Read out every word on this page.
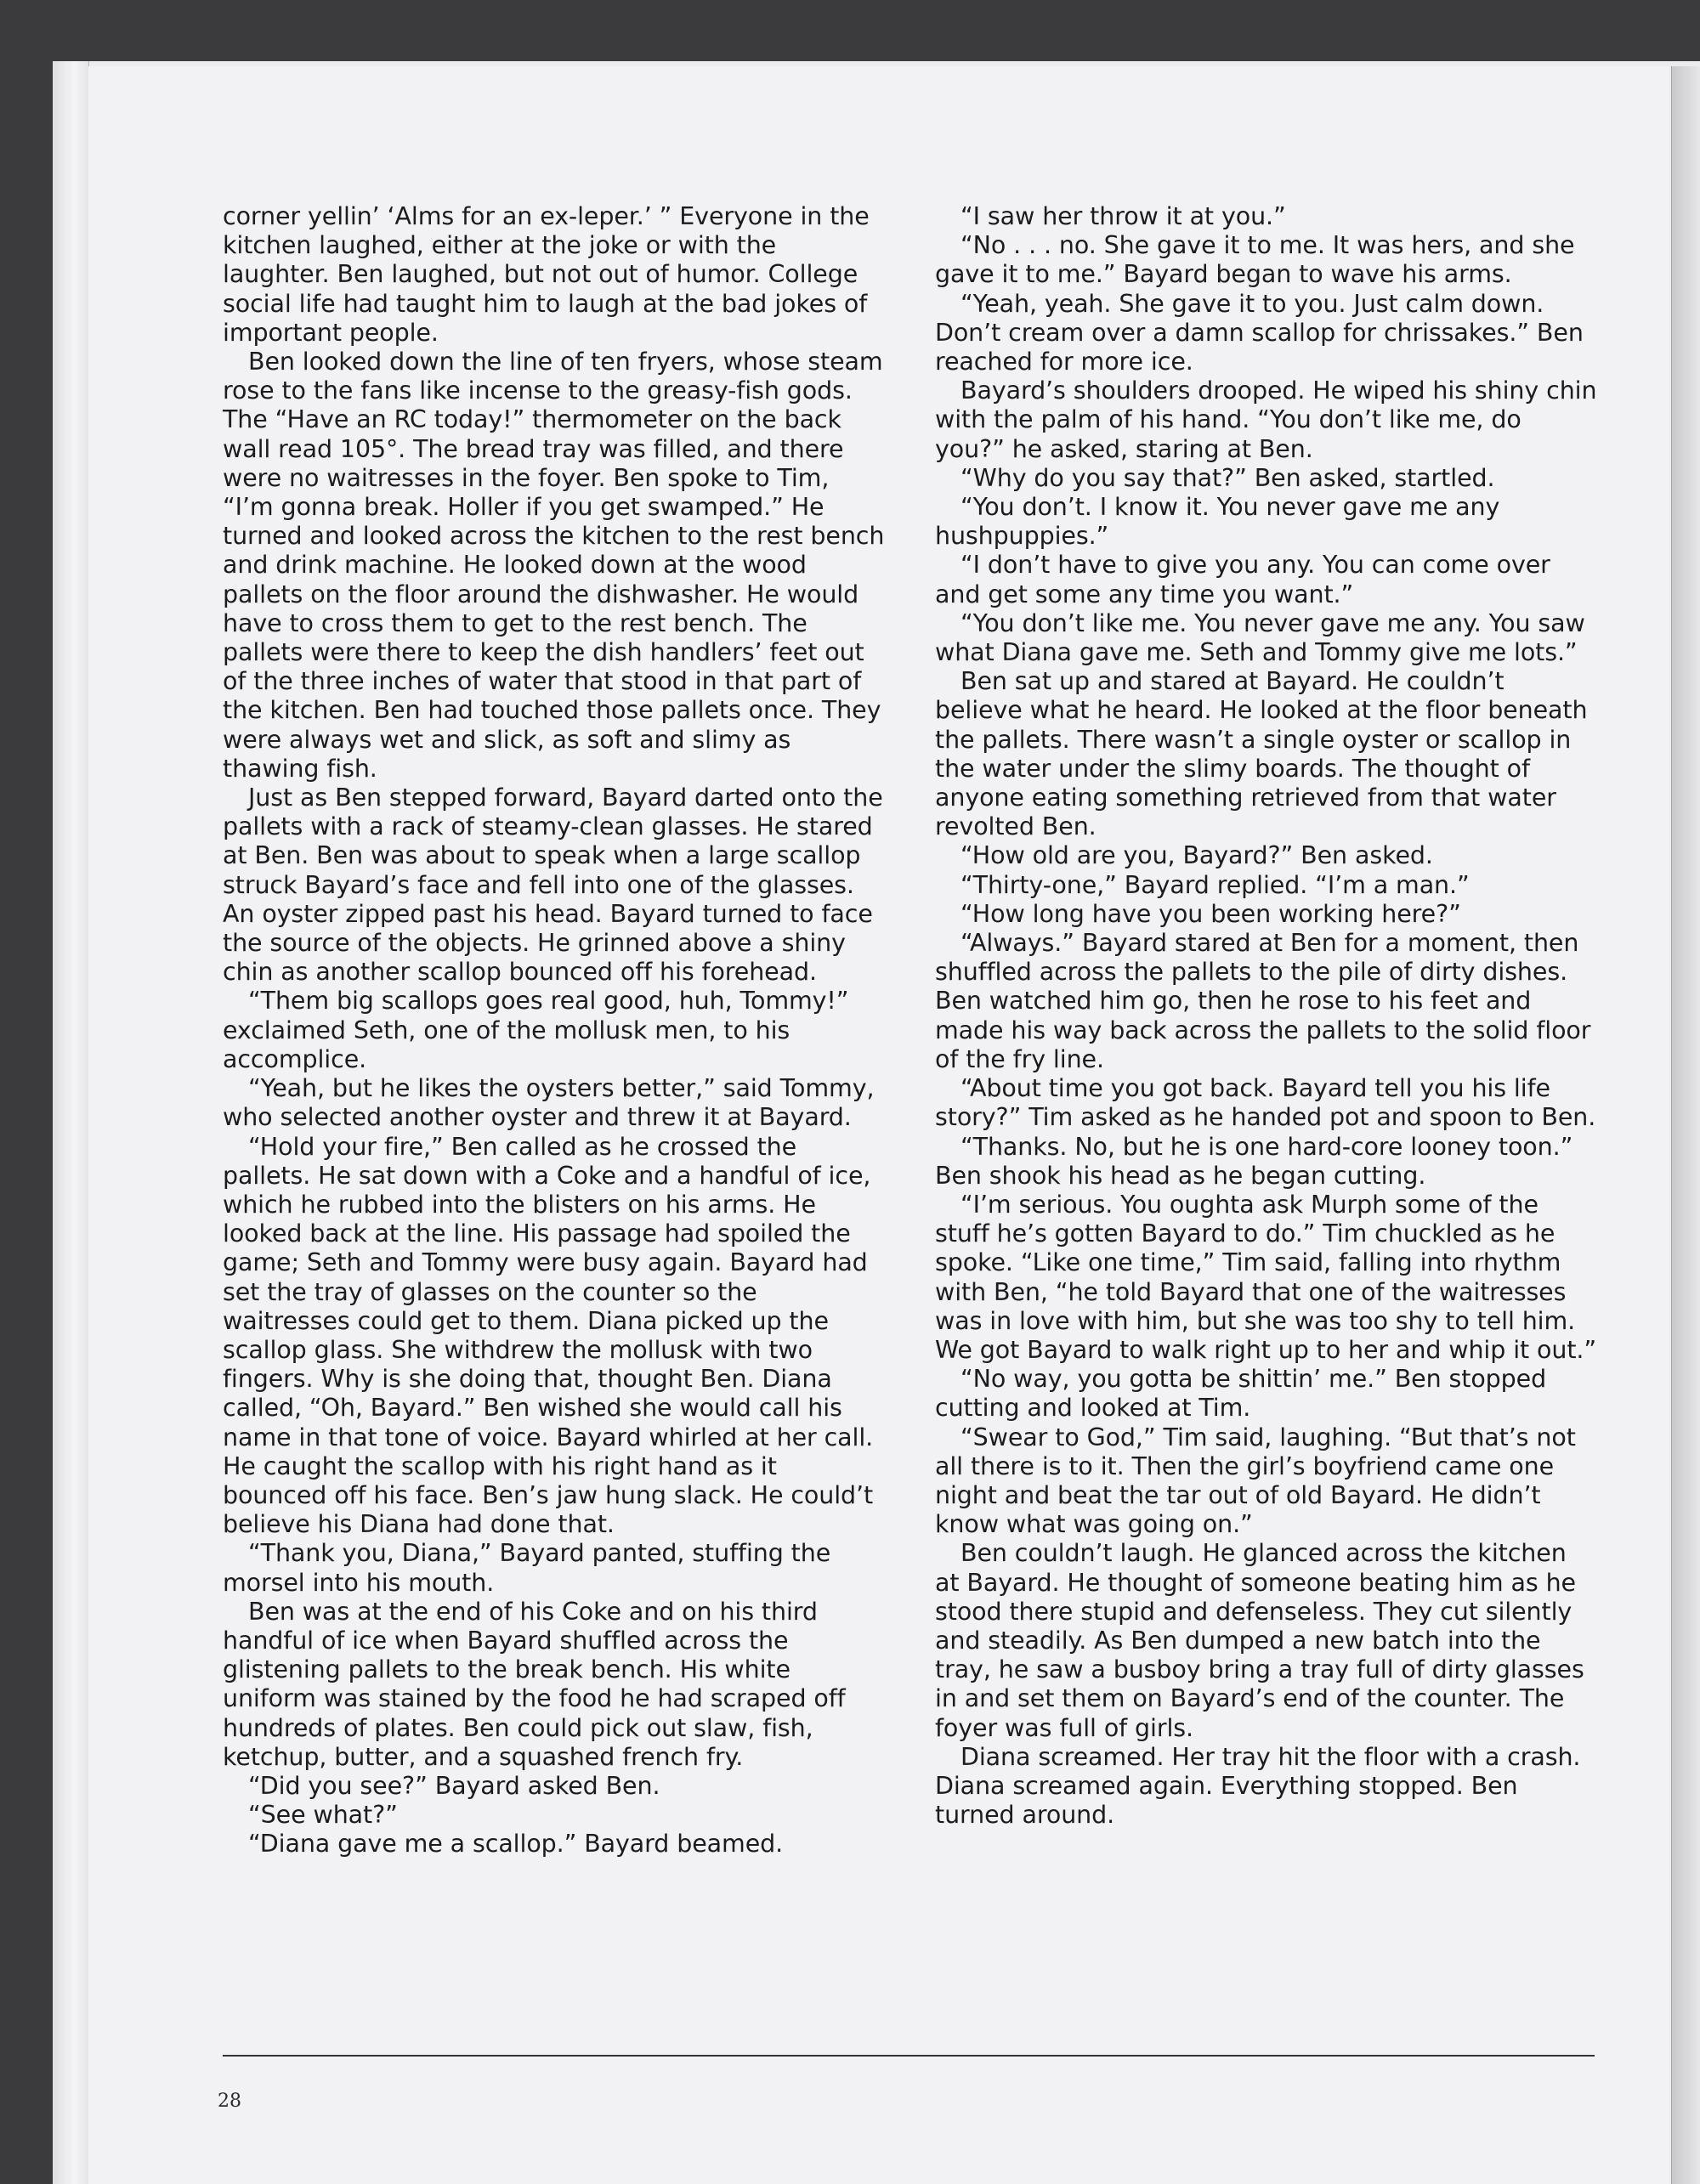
corner yellin’ ‘Alms for an ex-leper.’ ” Everyone in the kitchen laughed, either at the joke or with the laughter. Ben laughed, but not out of humor. College social life had taught him to laugh at the bad jokes of important people.

Ben looked down the line of ten fryers, whose steam rose to the fans like incense to the greasy-fish gods. The “Have an RC today!” thermometer on the back wall read 105°. The bread tray was filled, and there were no waitresses in the foyer. Ben spoke to Tim, “I’m gonna break. Holler if you get swamped.” He turned and looked across the kitchen to the rest bench and drink machine. He looked down at the wood pallets on the floor around the dishwasher. He would have to cross them to get to the rest bench. The pallets were there to keep the dish handlers’ feet out of the three inches of water that stood in that part of the kitchen. Ben had touched those pallets once. They were always wet and slick, as soft and slimy as thawing fish.

Just as Ben stepped forward, Bayard darted onto the pallets with a rack of steamy-clean glasses. He stared at Ben. Ben was about to speak when a large scallop struck Bayard’s face and fell into one of the glasses. An oyster zipped past his head. Bayard turned to face the source of the objects. He grinned above a shiny chin as another scallop bounced off his forehead.

“Them big scallops goes real good, huh, Tommy!” exclaimed Seth, one of the mollusk men, to his accomplice.

“Yeah, but he likes the oysters better,” said Tommy, who selected another oyster and threw it at Bayard.

“Hold your fire,” Ben called as he crossed the pallets. He sat down with a Coke and a handful of ice, which he rubbed into the blisters on his arms. He looked back at the line. His passage had spoiled the game; Seth and Tommy were busy again. Bayard had set the tray of glasses on the counter so the waitresses could get to them. Diana picked up the scallop glass. She withdrew the mollusk with two fingers. Why is she doing that, thought Ben. Diana called, “Oh, Bayard.” Ben wished she would call his name in that tone of voice. Bayard whirled at her call. He caught the scallop with his right hand as it bounced off his face. Ben’s jaw hung slack. He could’t believe his Diana had done that.

“Thank you, Diana,” Bayard panted, stuffing the morsel into his mouth.

Ben was at the end of his Coke and on his third handful of ice when Bayard shuffled across the glistening pallets to the break bench. His white uniform was stained by the food he had scraped off hundreds of plates. Ben could pick out slaw, fish, ketchup, butter, and a squashed french fry.

“Did you see?” Bayard asked Ben.

“See what?”

“Diana gave me a scallop.” Bayard beamed.

“I saw her throw it at you.”

“No . . . no. She gave it to me. It was hers, and she gave it to me.” Bayard began to wave his arms.

“Yeah, yeah. She gave it to you. Just calm down. Don’t cream over a damn scallop for chrissakes.” Ben reached for more ice.

Bayard’s shoulders drooped. He wiped his shiny chin with the palm of his hand. “You don’t like me, do you?” he asked, staring at Ben.

“Why do you say that?” Ben asked, startled.

“You don’t. I know it. You never gave me any hushpuppies.”

“I don’t have to give you any. You can come over and get some any time you want.”

“You don’t like me. You never gave me any. You saw what Diana gave me. Seth and Tommy give me lots.”

Ben sat up and stared at Bayard. He couldn’t believe what he heard. He looked at the floor beneath the pallets. There wasn’t a single oyster or scallop in the water under the slimy boards. The thought of anyone eating something retrieved from that water revolted Ben.

“How old are you, Bayard?” Ben asked.

“Thirty-one,” Bayard replied. “I’m a man.”

“How long have you been working here?”

“Always.” Bayard stared at Ben for a moment, then shuffled across the pallets to the pile of dirty dishes. Ben watched him go, then he rose to his feet and made his way back across the pallets to the solid floor of the fry line.

“About time you got back. Bayard tell you his life story?” Tim asked as he handed pot and spoon to Ben.

“Thanks. No, but he is one hard-core looney toon.” Ben shook his head as he began cutting.

“I’m serious. You oughta ask Murph some of the stuff he’s gotten Bayard to do.” Tim chuckled as he spoke. “Like one time,” Tim said, falling into rhythm with Ben, “he told Bayard that one of the waitresses was in love with him, but she was too shy to tell him. We got Bayard to walk right up to her and whip it out.”

“No way, you gotta be shittin’ me.” Ben stopped cutting and looked at Tim.

“Swear to God,” Tim said, laughing. “But that’s not all there is to it. Then the girl’s boyfriend came one night and beat the tar out of old Bayard. He didn’t know what was going on.”

Ben couldn’t laugh. He glanced across the kitchen at Bayard. He thought of someone beating him as he stood there stupid and defenseless. They cut silently and steadily. As Ben dumped a new batch into the tray, he saw a busboy bring a tray full of dirty glasses in and set them on Bayard’s end of the counter. The foyer was full of girls.

Diana screamed. Her tray hit the floor with a crash. Diana screamed again. Everything stopped. Ben turned around.

28
